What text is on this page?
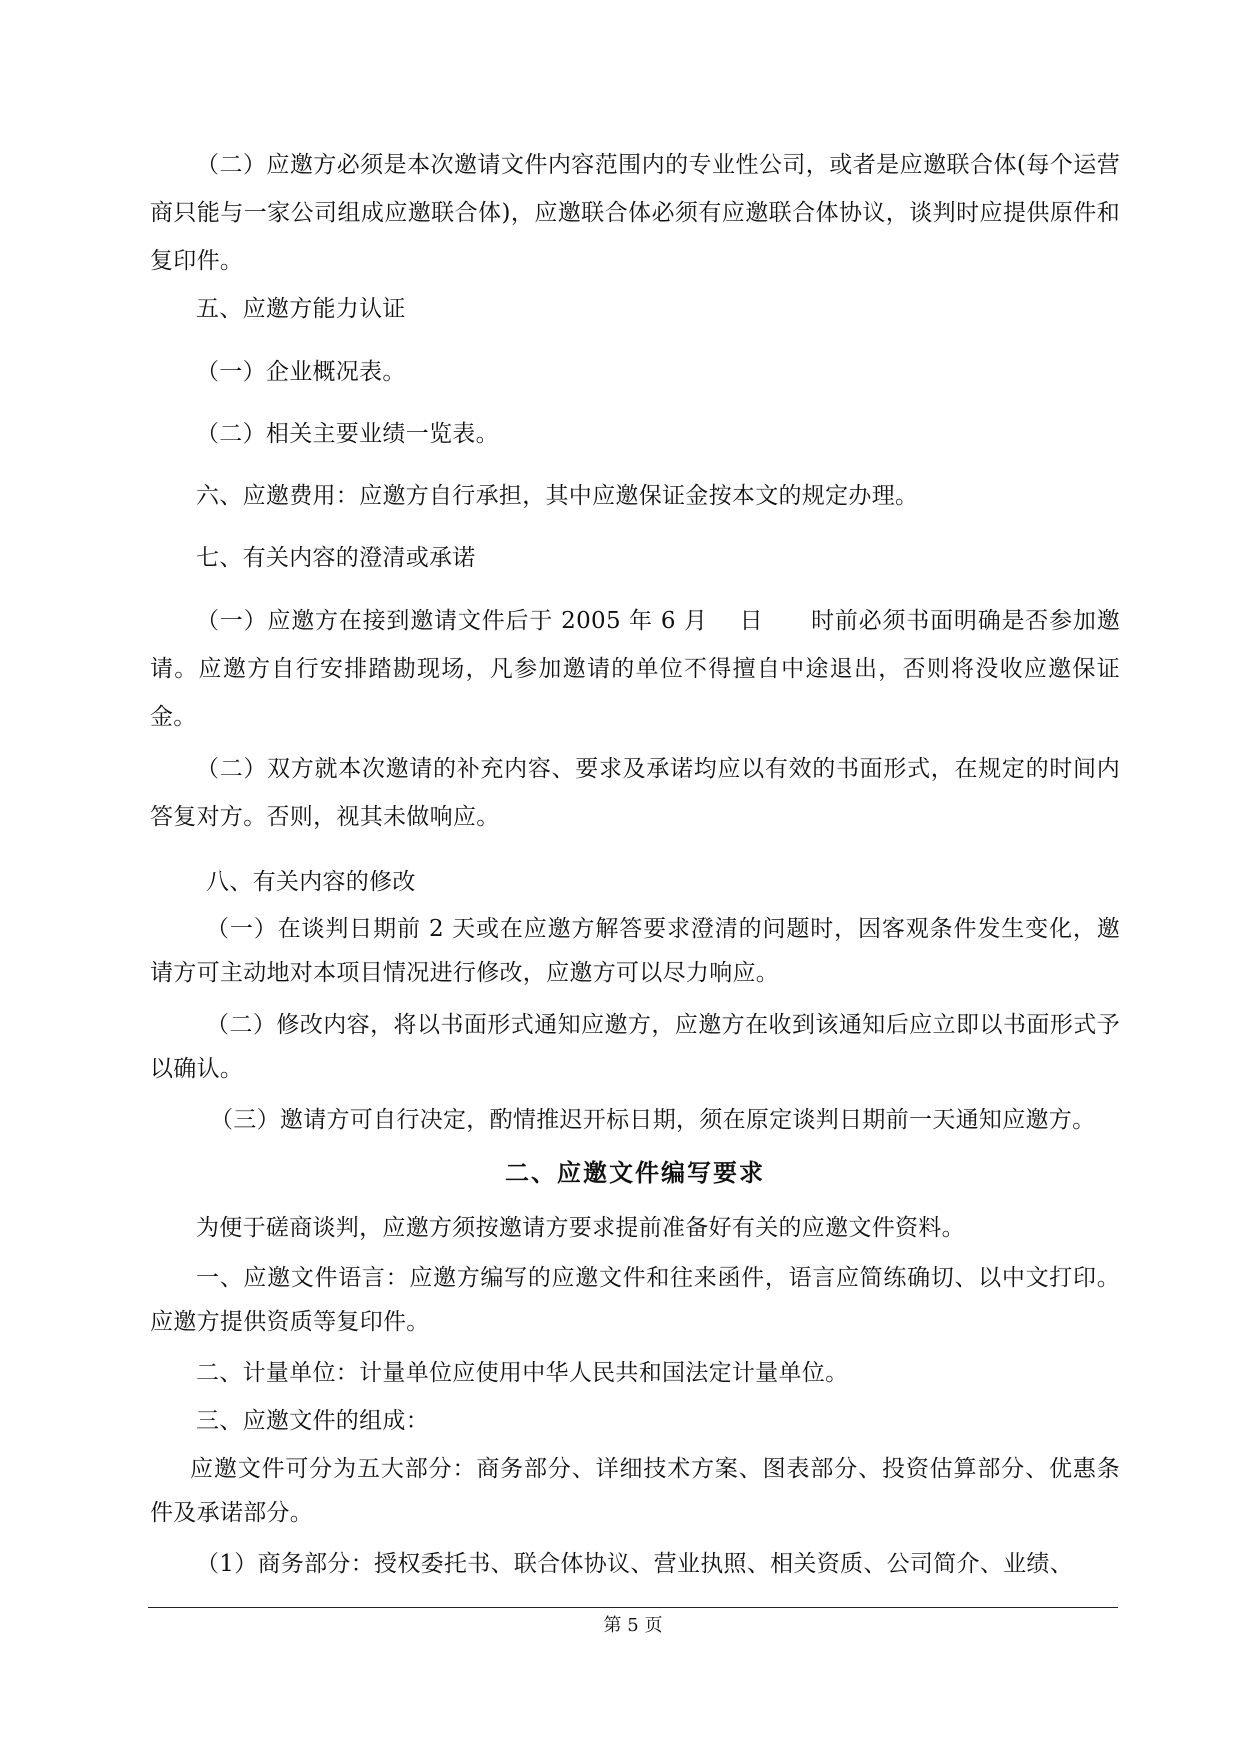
（二）应邀方必须是本次邀请文件内容范围内的专业性公司，或者是应邀联合体(每个运营商只能与一家公司组成应邀联合体)，应邀联合体必须有应邀联合体协议，谈判时应提供原件和复印件。

五、应邀方能力认证

（一）企业概况表。

（二）相关主要业绩一览表。

六、应邀费用：应邀方自行承担，其中应邀保证金按本文的规定办理。

七、有关内容的澄清或承诺

（一）应邀方在接到邀请文件后于 2005 年 6 月　 日　　时前必须书面明确是否参加邀请。应邀方自行安排踏勘现场，凡参加邀请的单位不得擅自中途退出，否则将没收应邀保证金。

（二）双方就本次邀请的补充内容、要求及承诺均应以有效的书面形式，在规定的时间内答复对方。否则，视其未做响应。

八、有关内容的修改

（一）在谈判日期前 2 天或在应邀方解答要求澄清的问题时，因客观条件发生变化，邀请方可主动地对本项目情况进行修改，应邀方可以尽力响应。

（二）修改内容，将以书面形式通知应邀方，应邀方在收到该通知后应立即以书面形式予以确认。

（三）邀请方可自行决定，酌情推迟开标日期，须在原定谈判日期前一天通知应邀方。

二、应邀文件编写要求

为便于磋商谈判，应邀方须按邀请方要求提前准备好有关的应邀文件资料。

一、应邀文件语言：应邀方编写的应邀文件和往来函件，语言应简练确切、以中文打印。应邀方提供资质等复印件。

二、计量单位：计量单位应使用中华人民共和国法定计量单位。

三、应邀文件的组成：

应邀文件可分为五大部分：商务部分、详细技术方案、图表部分、投资估算部分、优惠条件及承诺部分。

（1）商务部分：授权委托书、联合体协议、营业执照、相关资质、公司简介、业绩、

第 5 页
